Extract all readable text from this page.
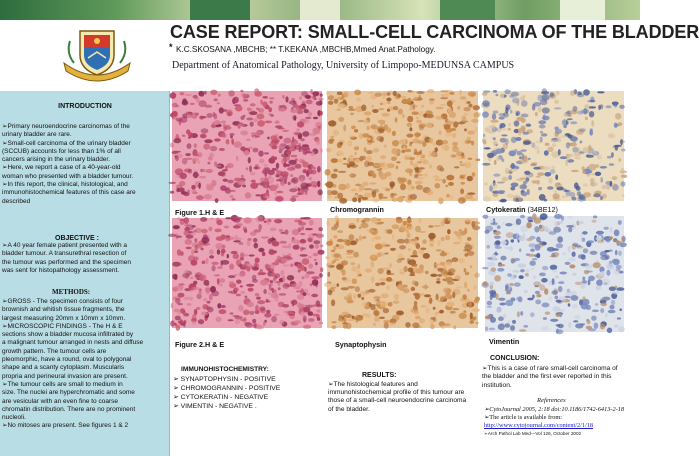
CASE REPORT: SMALL-CELL CARCINOMA OF THE BLADDER
* K.C.SKOSANA ,MBCHB; ** T.KEKANA ,MBCHB,Mmed Anat.Pathology.
Department of Anatomical Pathology, University of Limpopo-MEDUNSA CAMPUS
INTRODUCTION

➢Primary neuroendocrine carcinomas of the

urinary bladder are rare.

➢Small-cell carcinoma of the urinary bladder

(SCCUB) accounts for less than 1% of all

cancers arising in the urinary bladder.

➢Here, we report a case of a 40-year-old

woman who presented with a bladder tumour.

➢In this report, the clinical, histological, and

immunohistochemical features of this case are

described

OBJECTIVE :

➢A 40 year female patient presented with a

bladder tumour. A transurethral resection of

the tumour was performed and the specimen

was sent for histopathology assessment.

METHODS:

➢GROSS - The specimen consists of four

brownish and whitish tissue fragments, the

largest measuring 20mm x 10mm x 10mm.

➢MICROSCOPIC FINDINGS - The H & E

sections show a bladder mucosa infiltrated by

a malignant tumour arranged in nests and diffuse

growth pattern. The tumour cells are

pleomorphic, have a round, oval to polygonal

shape and a scanty cytoplasm. Muscularis

propria and perineural invasion are present.

➢The tumour cells are small to medium in

size. The nuclei are hyperchromatic and some

are vesicular with an even fine to coarse

chromatin distribution. There are no prominent

nucleoli.

➢No mitoses are present. See figures 1 & 2

Figure 1.H & E	Chromogrannin	Cytokeratin (34BE12)
Figure 2.H & E	Synaptophysin	Vimentin
IMMUNOHISTOCHEMISTRY:
➢ SYNAPTOPHYSIN - POSITIVE
➢ CHROMOGRANNIN - POSITIVE
➢ CYTOKERATIN - NEGATIVE
➢ VIMENTIN - NEGATIVE .
RESULTS:

➢The histological features and

immunohistochemical profile of this tumour are

those of a small-cell neuroendocrine carcinoma

of the bladder.

CONCLUSION:

➢This is a case of rare small-cell carcinoma of

the bladder and the first ever reported in this

institution.

References
➢CytoJournal 2005, 2:18 doi:10.1186/1742-6413-2-18
➢The article is available from:
http://www.cytojournal.com/content/2/1/18
➢Arch Pathol Lab Med—Vol 126, October 2002
